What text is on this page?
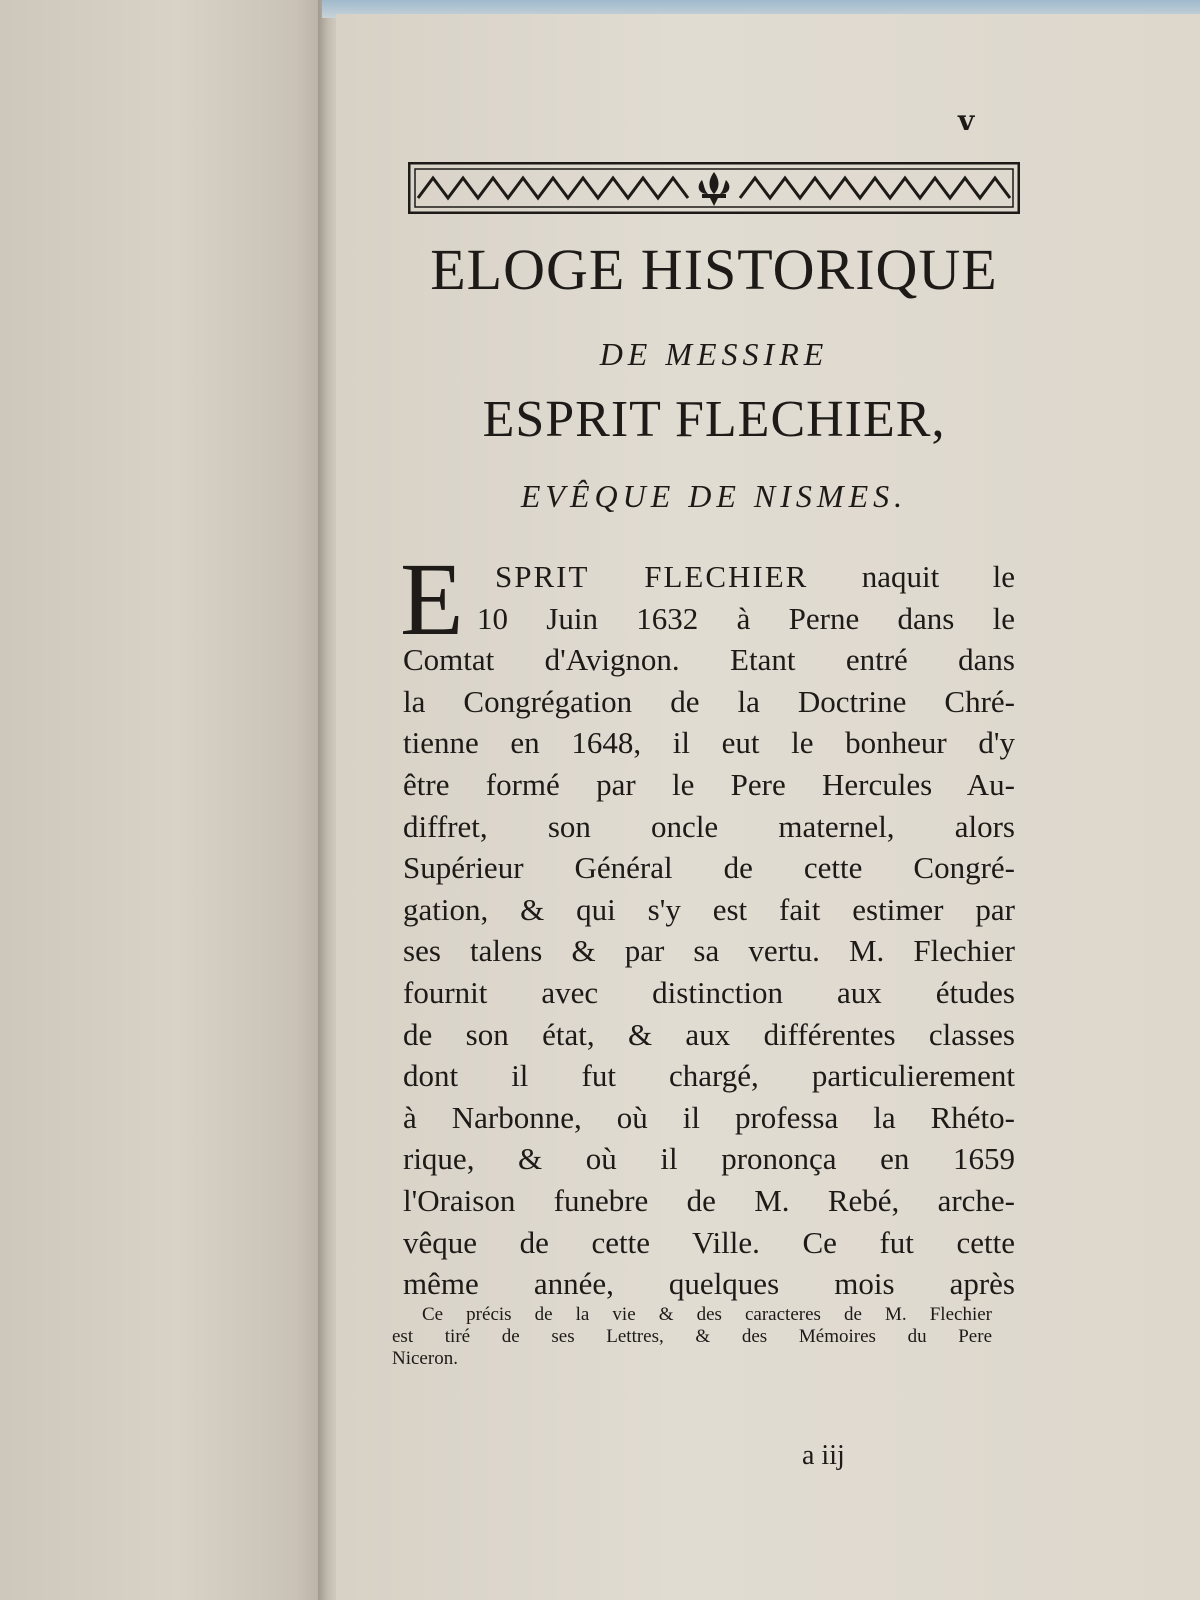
v
ELOGE HISTORIQUE
DE MESSIRE
ESPRIT FLECHIER,
EVÊQUE DE NISMES.
E	SPRIT FLECHIER naquit le
10 Juin 1632 à Perne dans le
Comtat d'Avignon. Etant entré dans
la Congrégation de la Doctrine Chré-
tienne en 1648, il eut le bonheur d'y
être formé par le Pere Hercules Au-
diffret, son oncle maternel, alors
Supérieur Général de cette Congré-
gation, & qui s'y est fait estimer par
ses talens & par sa vertu. M. Flechier
fournit avec distinction aux études
de son état, & aux différentes classes
dont il fut chargé, particulierement
à Narbonne, où il professa la Rhéto-
rique, & où il prononça en 1659
l'Oraison funebre de M. Rebé, arche-
vêque de cette Ville. Ce fut cette
même année, quelques mois après
Ce précis de la vie & des caracteres de M. Flechier
est tiré de ses Lettres, & des Mémoires du Pere
Niceron.
a iij
